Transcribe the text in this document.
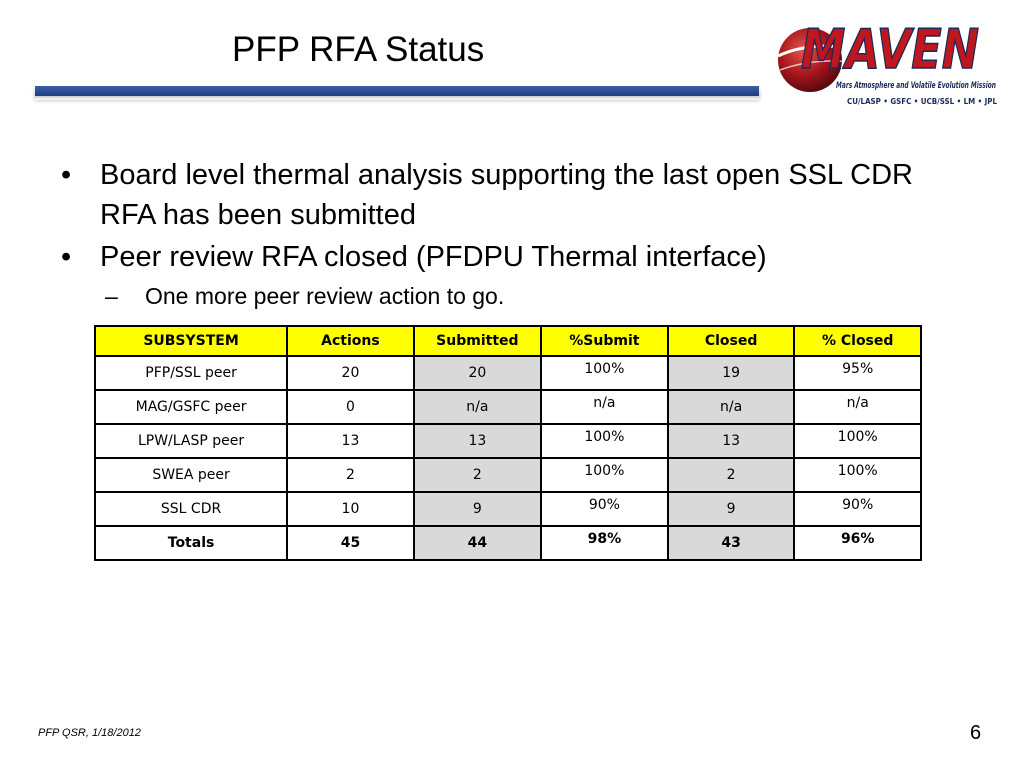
PFP RFA Status	MAVEN
Mars Atmosphere and Volatile Evolution Mission
CU/LASP • GSFC • UCB/SSL • LM • JPL
• Board level thermal analysis supporting the last open SSL CDR RFA has been submitted
• Peer review RFA closed (PFDPU Thermal interface)
– One more peer review action to go.
SUBSYSTEM	Actions	Submitted	%Submit	Closed	% Closed
PFP/SSL peer	20	20	100%	19	95%
MAG/GSFC peer	0	n/a	n/a	n/a	n/a
LPW/LASP peer	13	13	100%	13	100%
SWEA peer	2	2	100%	2	100%
SSL CDR	10	9	90%	9	90%
Totals	45	44	98%	43	96%
PFP QSR, 1/18/2012	6
